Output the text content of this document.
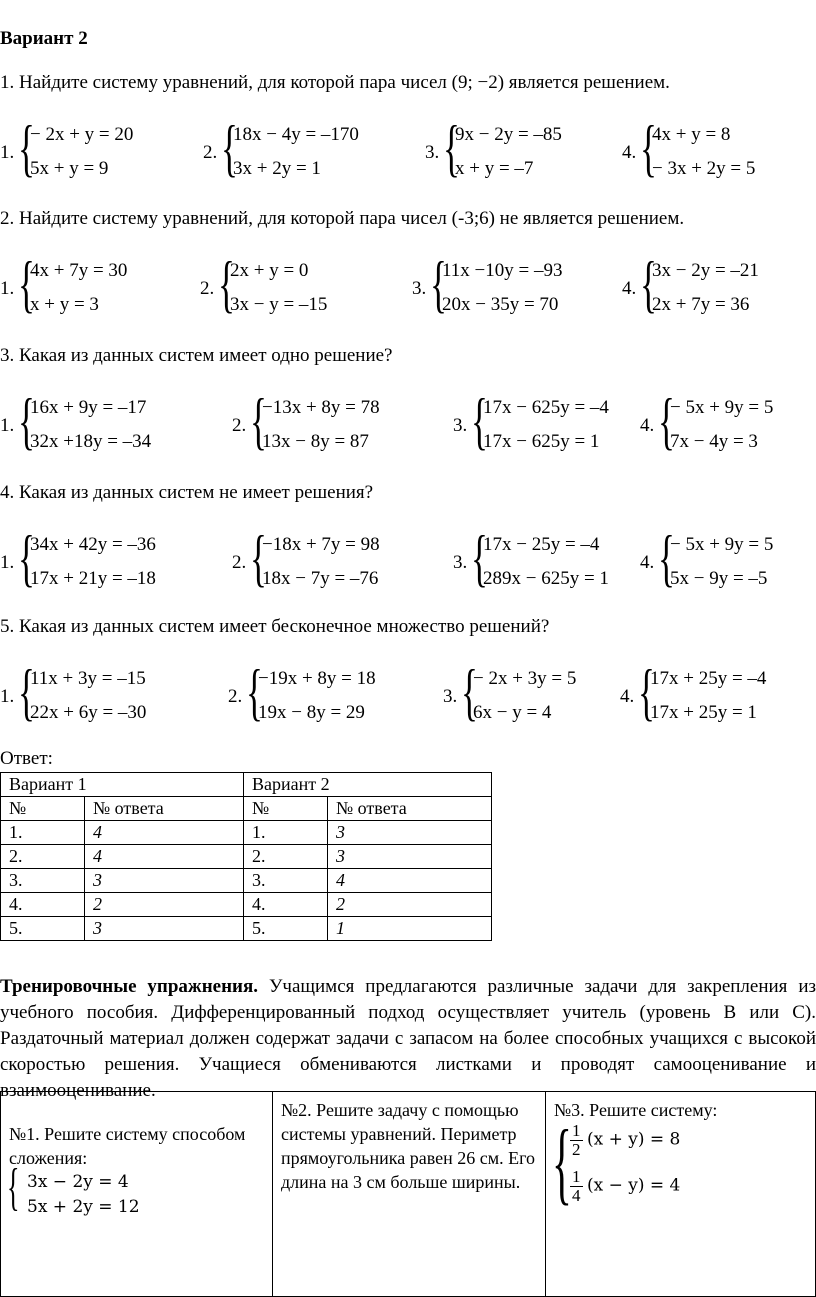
Вариант 2
1. Найдите систему уравнений, для которой пара чисел (9; −2) является решением.
1. {
− 2x + y = 20
5x + y = 9
2. {
18x − 4y = –170
3x + 2y = 1
3. {
9x − 2y = –85
x + y = –7
4. {
4x + y = 8
− 3x + 2y = 5
2. Найдите систему уравнений, для которой пара чисел (-3;6) не является решением.
1. {
4x + 7y = 30
x + y = 3
2. {
2x + y = 0
3x − y = –15
3. {
11x −10y = –93
20x − 35y = 70
4. {
3x − 2y = –21
2x + 7y = 36
3. Какая из данных систем имеет одно решение?
1. {
16x + 9y = –17
32x +18y = –34
2. {
−13x + 8y = 78
13x − 8y = 87
3. {
17x − 625y = –4
17x − 625y = 1
4. {
− 5x + 9y = 5
7x − 4y = 3
4. Какая из данных систем не имеет решения?
1. {
34x + 42y = –36
17x + 21y = –18
2. {
−18x + 7y = 98
18x − 7y = –76
3. {
17x − 25y = –4
289x − 625y = 1
4. {
− 5x + 9y = 5
5x − 9y = –5
5. Какая из данных систем имеет бесконечное множество решений?
1. {
11x + 3y = –15
22x + 6y = –30
2. {
−19x + 8y = 18
19x − 8y = 29
3. {
− 2x + 3y = 5
6x − y = 4
4. {
17x + 25y = –4
17x + 25y = 1
Ответ:
Вариант 1		Вариант 2	
№	№ ответа	№	№ ответа
1.	4	1.	3
2.	4	2.	3
3.	3	3.	4
4.	2	4.	2
5.	3	5.	1
Тренировочные упражнения. Учащимся предлагаются различные задачи для закрепления из учебного пособия. Дифференцированный подход осуществляет учитель (уровень В или С). Раздаточный материал должен содержат задачи с запасом на более способных учащихся с высокой скоростью решения. Учащиеся обмениваются листками и проводят самооценивание и взаимооценивание.
№1. Решите систему способом сложения:
{ 3x − 2y = 4
5x + 2y = 12

№2. Решите задачу с помощью системы уравнений. Периметр прямоугольника равен 26 см. Его длина на 3 см больше ширины.

№3. Решите систему:
{
$\frac{1}{2} (x + y) = 8$
$\frac{1}{4} (x - y) = 4$
